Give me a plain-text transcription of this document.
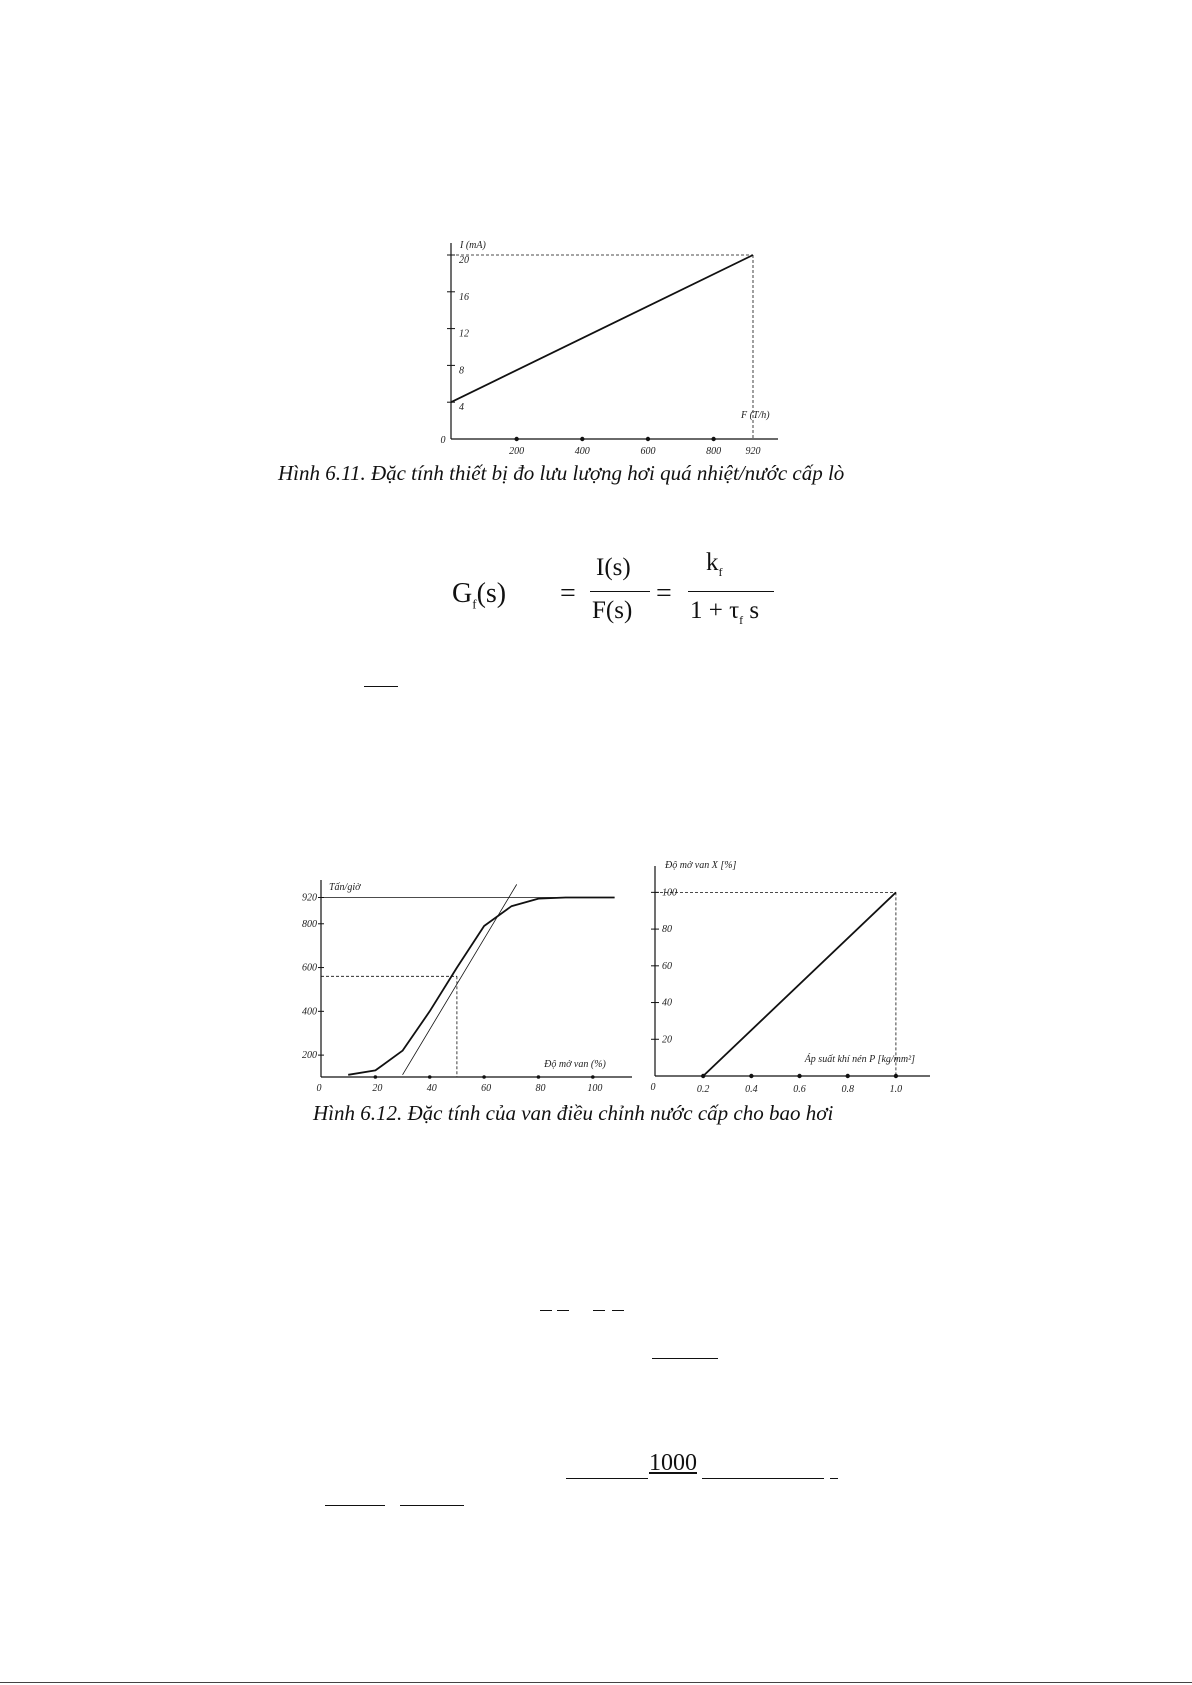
0
200	400	600	800 920
4
8
12
16
20
I (mA)
F (T/h)
Hình 6.11. Đặc tính thiết bị đo lưu lượng hơi quá nhiệt/nước cấp lò
$G_f(s)$ =
I(s)
F(s)
=
$k_f$
$1 + \tau_f$ s
0	20	40	60	80	100
200
400
600
800
920
Tấn/giờ
Độ mở van (%)
0	0.2	0.4	0.6	0.8	1.0
20
40
60
80
100
Độ mở van X [%]
Áp suất khí nén P [kg/mm²]
Hình 6.12. Đặc tính của van điều chỉnh nước cấp cho bao hơi
1000
